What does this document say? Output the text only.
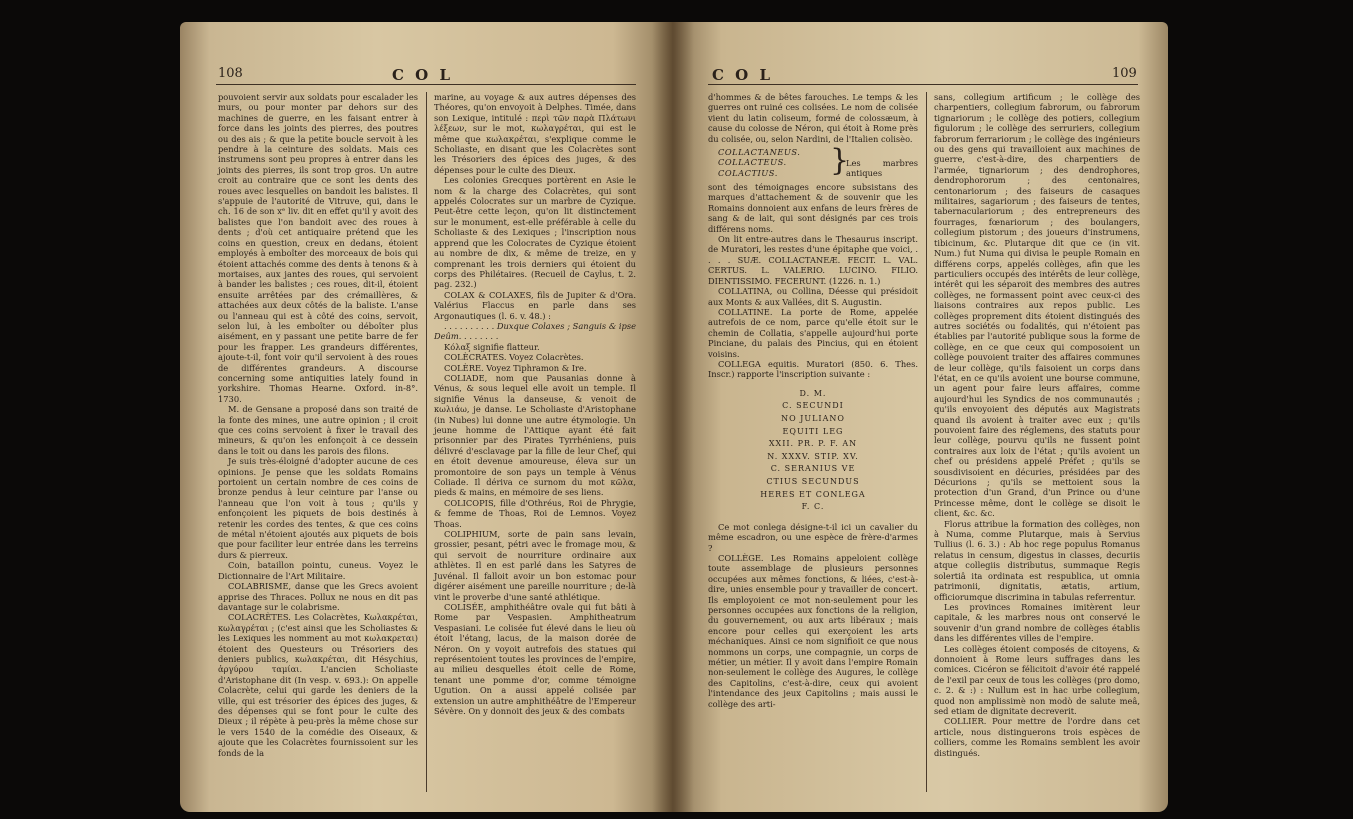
108	C O L

pouvoient servir aux soldats pour escalader les murs, ou pour monter par dehors sur des machines de guerre, en les faisant entrer à force dans les joints des pierres, des poutres ou des ais ; & que la petite boucle servoit à les pendre à la ceinture des soldats. Mais ces instrumens sont peu propres à entrer dans les joints des pierres, ils sont trop gros. Un autre croit au contraire que ce sont les dents des roues avec lesquelles on bandoit les balistes. Il s'appuie de l'autorité de Vitruve, qui, dans le ch. 16 de son xᵉ liv. dit en effet qu'il y avoit des balistes que l'on bandoit avec des roues à dents ; d'où cet antiquaire prétend que les coins en question, creux en dedans, étoient employés à emboîter des morceaux de bois qui étoient attachés comme des dents à tenons & à mortaises, aux jantes des roues, qui servoient à bander les balistes ; ces roues, dit-il, étoient ensuite arrêtées par des crémaillères, & attachées aux deux côtés de la baliste. L'anse ou l'anneau qui est à côté des coins, servoit, selon lui, à les emboîter ou déboîter plus aisément, en y passant une petite barre de fer pour les frapper. Les grandeurs différentes, ajoute-t-il, font voir qu'il servoient à des roues de différentes grandeurs. A discourse concerning some antiquities lately found in yorkshire. Thomas Hearne. Oxford. in-8°. 1730.

M. de Gensane a proposé dans son traité de la fonte des mines, une autre opinion ; il croit que ces coins servoient à fixer le travail des mineurs, & qu'on les enfonçoit à ce dessein dans le toit ou dans les parois des filons.

Je suis très-éloigné d'adopter aucune de ces opinions. Je pense que les soldats Romains portoient un certain nombre de ces coins de bronze pendus à leur ceinture par l'anse ou l'anneau que l'on voit à tous ; qu'ils y enfonçoient les piquets de bois destinés à retenir les cordes des tentes, & que ces coins de métal n'étoient ajoutés aux piquets de bois que pour faciliter leur entrée dans les terreins durs & pierreux.

Coin, bataillon pointu, cuneus. Voyez le Dictionnaire de l'Art Militaire.

COLABRISME, danse que les Grecs avoient apprise des Thraces. Pollux ne nous en dit pas davantage sur le colabrisme.

COLACRÈTES. Les Colacrètes, Κωλακρέται, κωλαγρέται ; (c'est ainsi que les Scholiastes & les Lexiques les nomment au mot κωλακρεται) étoient des Questeurs ou Trésoriers des deniers publics, κωλακρέται, dit Hésychius, ἀργύρου ταμίαι. L'ancien Scholiaste d'Aristophane dit (In vesp. v. 693.): On appelle Colacrète, celui qui garde les deniers de la ville, qui est trésorier des épices des juges, & des dépenses qui se font pour le culte des Dieux ; il répète à peu-près la même chose sur le vers 1540 de la comédie des Oiseaux, & ajoute que les Colacrètes fournissoient sur les fonds de la

marine, au voyage & aux autres dépenses des Théores, qu'on envoyoit à Delphes. Timée, dans son Lexique, intitulé : περὶ τῶν παρὰ Πλάτωνι λέξεων, sur le mot, κωλαγρέται, qui est le même que κωλακρέται, s'explique comme le Scholiaste, en disant que les Colacrètes sont les Trésoriers des épices des juges, & des dépenses pour le culte des Dieux.

Les colonies Grecques portèrent en Asie le nom & la charge des Colacrètes, qui sont appelés Colocrates sur un marbre de Cyzique. Peut-être cette leçon, qu'on lit distinctement sur le monument, est-elle préférable à celle du Scholiaste & des Lexiques ; l'inscription nous apprend que les Colocrates de Cyzique étoient au nombre de dix, & même de treize, en y comprenant les trois derniers qui étoient du corps des Philétaires. (Recueil de Caylus, t. 2. pag. 232.)

COLAX & COLAXES, fils de Jupiter & d'Ora. Valérius Flaccus en parle dans ses Argonautiques (l. 6. v. 48.) :

. . . . . . . . . . Duxque Colaxes ; Sanguis & ipse Deûm. . . . . . . .

Κόλαξ signifie flatteur.

COLÈCRATES. Voyez Colacrètes.

COLÈRE. Voyez Tiphramon & Ire.

COLIADE, nom que Pausanias donne à Vénus, & sous lequel elle avoit un temple. Il signifie Vénus la danseuse, & venoit de κωλιάω, je danse. Le Scholiaste d'Aristophane (in Nubes) lui donne une autre étymologie. Un jeune homme de l'Attique ayant été fait prisonnier par des Pirates Tyrrhéniens, puis délivré d'esclavage par la fille de leur Chef, qui en étoit devenue amoureuse, éleva sur un promontoire de son pays un temple à Vénus Coliade. Il dériva ce surnom du mot κῶλα, pieds & mains, en mémoire de ses liens.

COLICOPIS, fille d'Othréus, Roi de Phrygie, & femme de Thoas, Roi de Lemnos. Voyez Thoas.

COLIPHIUM, sorte de pain sans levain, grossier, pesant, pétri avec le fromage mou, & qui servoit de nourriture ordinaire aux athlètes. Il en est parlé dans les Satyres de Juvénal. Il falloit avoir un bon estomac pour digérer aisément une pareille nourriture ; de-là vint le proverbe d'une santé athlétique.

COLISÉE, amphithéâtre ovale qui fut bâti à Rome par Vespasien. Amphitheatrum Vespasiani. Le colisée fut élevé dans le lieu où étoit l'étang, lacus, de la maison dorée de Néron. On y voyoit autrefois des statues qui représentoient toutes les provinces de l'empire, au milieu desquelles étoit celle de Rome, tenant une pomme d'or, comme témoigne Ugution. On a aussi appelé colisée par extension un autre amphithéâtre de l'Empereur Sévère. On y donnoit des jeux & des combats

C O L	109

d'hommes & de bêtes farouches. Le temps & les guerres ont ruiné ces colisées. Le nom de colisée vient du latin coliseum, formé de colossæum, à cause du colosse de Néron, qui étoit à Rome près du colisée, ou, selon Nardini, de l'Italien colisèo.

COLLACTANEUS.
COLLACTEUS.
COLACTIUS.	}
Les marbres antiques

sont des témoignages encore subsistans des marques d'attachement & de souvenir que les Romains donnoient aux enfans de leurs frères de sang & de lait, qui sont désignés par ces trois différens noms.

On lit entre-autres dans le Thesaurus inscript. de Muratori, les restes d'une épitaphe que voici, . . . . SUÆ. COLLACTANEÆ. FECIT. L. VAL. CERTUS. L. VALERIO. LUCINO. FILIO. DIENTISSIMO. FECERUNT. (1226. n. 1.)

COLLATINA, ou Collina, Déesse qui présidoit aux Monts & aux Vallées, dit S. Augustin.

COLLATINE. La porte de Rome, appelée autrefois de ce nom, parce qu'elle étoit sur le chemin de Collatia, s'appelle aujourd'hui porte Pinciane, du palais des Pincius, qui en étoient voisins.

COLLEGA equitis. Muratori (850. 6. Thes. Inscr.) rapporte l'inscription suivante :

D. M.
C. SECUNDI
NO JULIANO
EQUITI LEG
XXII. PR. P. F. AN
N. XXXV. STIP. XV.
C. SERANIUS VE
CTIUS SECUNDUS
HERES ET CONLEGA
F. C.

Ce mot conlega désigne-t-il ici un cavalier du même escadron, ou une espèce de frère-d'armes ?

COLLÈGE. Les Romains appeloient collège toute assemblage de plusieurs personnes occupées aux mêmes fonctions, & liées, c'est-à-dire, unies ensemble pour y travailler de concert. Ils employoient ce mot non-seulement pour les personnes occupées aux fonctions de la religion, du gouvernement, ou aux arts libéraux ; mais encore pour celles qui exerçoient les arts méchaniques. Ainsi ce nom signifioit ce que nous nommons un corps, une compagnie, un corps de métier, un métier. Il y avoit dans l'empire Romain non-seulement le collège des Augures, le collège des Capitolins, c'est-à-dire, ceux qui avoient l'intendance des jeux Capitolins ; mais aussi le collège des arti-

sans, collegium artificum ; le collège des charpentiers, collegium fabrorum, ou fabrorum tignariorum ; le collège des potiers, collegium figulorum ; le collège des serruriers, collegium fabrorum ferrariorum ; le collège des ingénieurs ou des gens qui travailloient aux machines de guerre, c'est-à-dire, des charpentiers de l'armée, tignariorum ; des dendrophores, dendrophororum ; des centonaires, centonariorum ; des faiseurs de casaques militaires, sagariorum ; des faiseurs de tentes, tabernaculariorum ; des entrepreneurs des fourrages, fœnariorum ; des boulangers, collegium pistorum ; des joueurs d'instrumens, tibicinum, &c. Plutarque dit que ce (in vit. Num.) fut Numa qui divisa le peuple Romain en différens corps, appelés collèges, afin que les particuliers occupés des intérêts de leur collège, intérêt qui les séparoit des membres des autres collèges, ne formassent point avec ceux-ci des liaisons contraires aux repos public. Les collèges proprement dits étoient distingués des autres sociétés ou fodalités, qui n'étoient pas établies par l'autorité publique sous la forme de collège, en ce que ceux qui composoient un collège pouvoient traiter des affaires communes de leur collège, qu'ils faisoient un corps dans l'état, en ce qu'ils avoient une bourse commune, un agent pour faire leurs affaires, comme aujourd'hui les Syndics de nos communautés ; qu'ils envoyoient des députés aux Magistrats quand ils avoient à traiter avec eux ; qu'ils pouvoient faire des réglemens, des statuts pour leur collège, pourvu qu'ils ne fussent point contraires aux loix de l'état ; qu'ils avoient un chef ou présidens appelé Préfet ; qu'ils se sousdivisoient en décuries, présidées par des Décurions ; qu'ils se mettoient sous la protection d'un Grand, d'un Prince ou d'une Princesse même, dont le collège se disoit le client, &c. &c.

Florus attribue la formation des collèges, non à Numa, comme Plutarque, mais à Servius Tullius (l. 6. 3.) : Ab hoc rege populus Romanus relatus in censum, digestus in classes, decuriis atque collegiis distributus, summaque Regis solertiâ ita ordinata est respublica, ut omnia patrimonii, dignitatis, ætatis, artium, officiorumque discrimina in tabulas referrentur.

Les provinces Romaines imitèrent leur capitale, & les marbres nous ont conservé le souvenir d'un grand nombre de collèges établis dans les différentes villes de l'empire.

Les collèges étoient composés de citoyens, & donnoient à Rome leurs suffrages dans les comices. Cicéron se félicitoit d'avoir été rappelé de l'exil par ceux de tous les collèges (pro domo, c. 2. & :) : Nullum est in hac urbe collegium, quod non amplissimè non modò de salute meâ, sed etiam de dignitate decreverit.

COLLIER. Pour mettre de l'ordre dans cet article, nous distinguerons trois espèces de colliers, comme les Romains semblent les avoir distingués.
